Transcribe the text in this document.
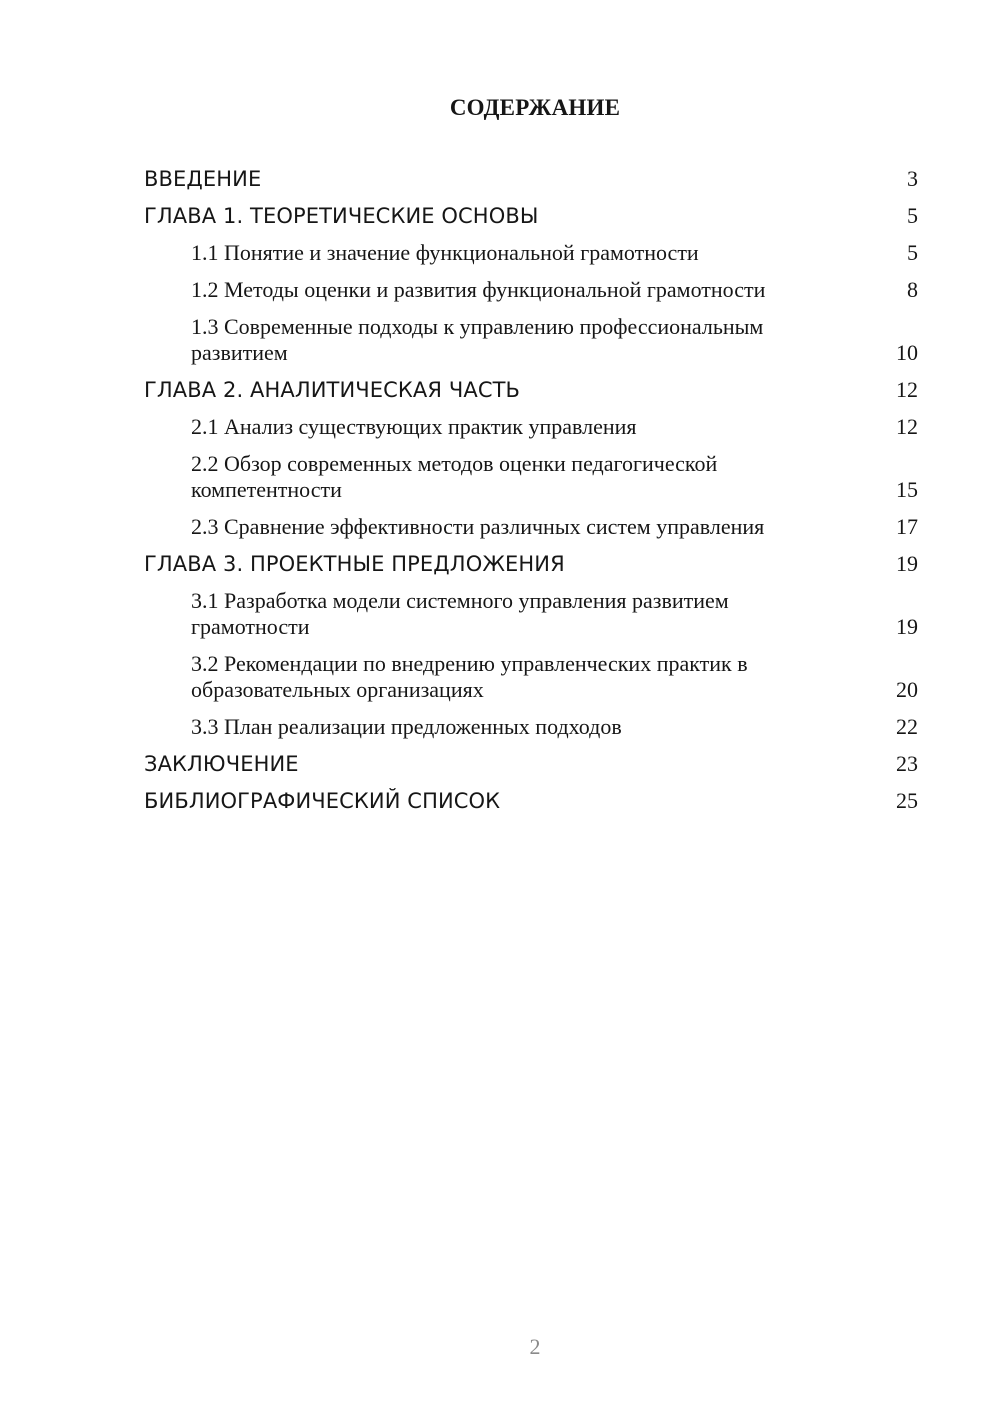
СОДЕРЖАНИЕ
ВВЕДЕНИЕ	3
ГЛАВА 1. ТЕОРЕТИЧЕСКИЕ ОСНОВЫ	5
1.1 Понятие и значение функциональной грамотности	5
1.2 Методы оценки и развития функциональной грамотности	8
1.3 Современные подходы к управлению профессиональным развитием	10
ГЛАВА 2. АНАЛИТИЧЕСКАЯ ЧАСТЬ	12
2.1 Анализ существующих практик управления	12
2.2 Обзор современных методов оценки педагогической компетентности	15
2.3 Сравнение эффективности различных систем управления	17
ГЛАВА 3. ПРОЕКТНЫЕ ПРЕДЛОЖЕНИЯ	19
3.1 Разработка модели системного управления развитием грамотности	19
3.2 Рекомендации по внедрению управленческих практик в образовательных организациях	20
3.3 План реализации предложенных подходов	22
ЗАКЛЮЧЕНИЕ	23
БИБЛИОГРАФИЧЕСКИЙ СПИСОК	25
2
